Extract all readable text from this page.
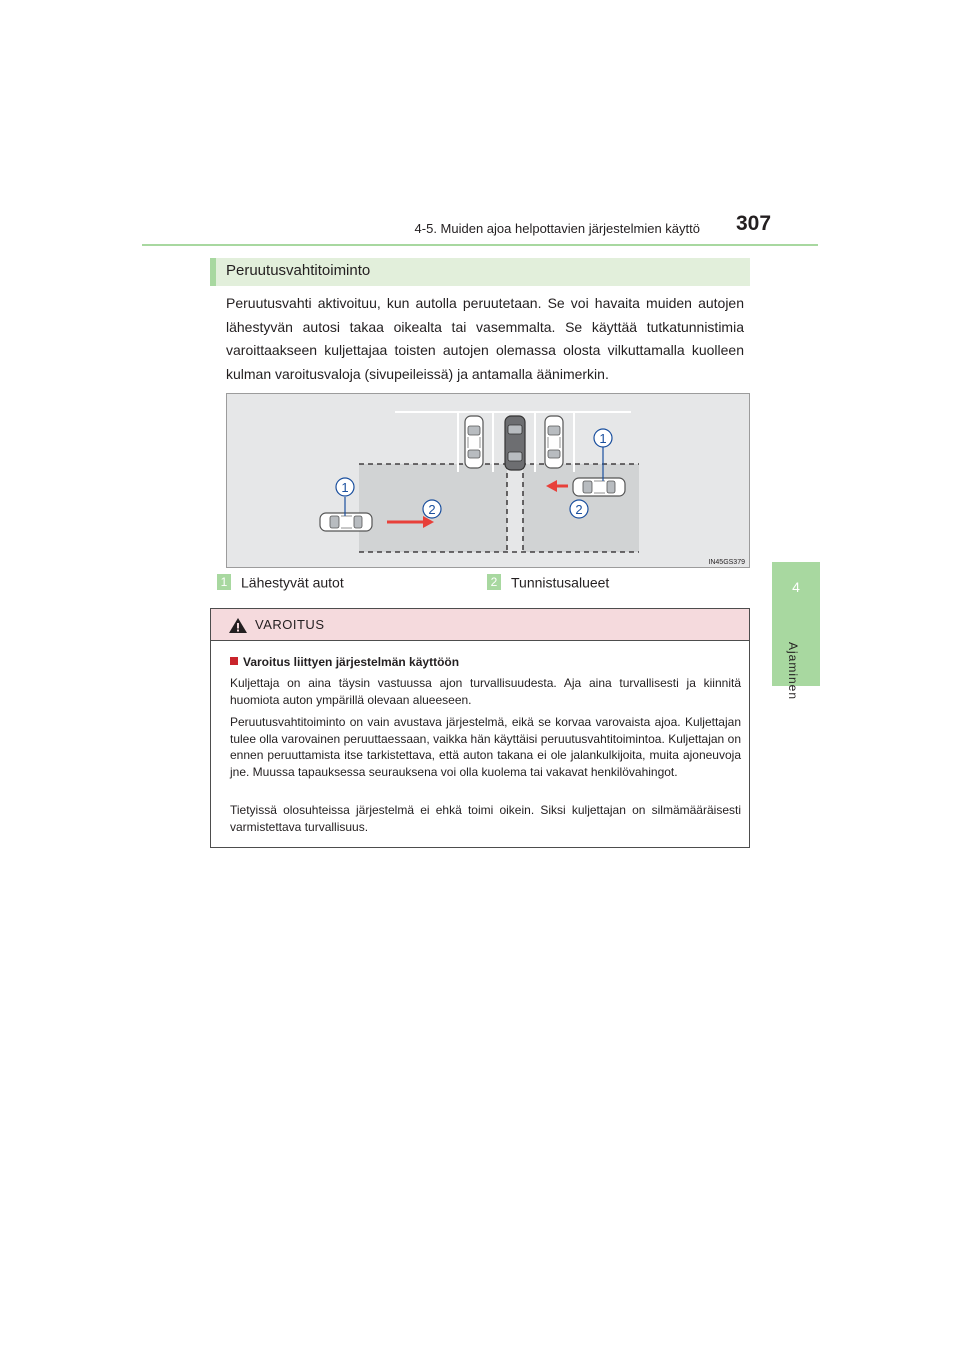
4-5. Muiden ajoa helpottavien järjestelmien käyttö 307
4
Ajaminen
Peruutusvahtitoiminto
Peruutusvahti aktivoituu, kun autolla peruutetaan. Se voi havaita muiden autojen lähestyvän autosi takaa oikealta tai vasemmalta. Se käyttää tutkatunnistimia varoittaakseen kuljettajaa toisten autojen olemassa olosta vilkuttamalla kuolleen kulman varoitusvaloja (sivupeileissä) ja antamalla äänimerkin.
1
2	2
1
IN45GS379
1 Lähestyvät autot	2 Tunnistusalueet
VAROITUS
Varoitus liittyen järjestelmän käyttöön
Kuljettaja on aina täysin vastuussa ajon turvallisuudesta. Aja aina turvallisesti ja kiinnitä huomiota auton ympärillä olevaan alueeseen.
Peruutusvahtitoiminto on vain avustava järjestelmä, eikä se korvaa varovaista ajoa. Kuljettajan tulee olla varovainen peruuttaessaan, vaikka hän käyttäisi peruutusvahtitoimintoa. Kuljettajan on ennen peruuttamista itse tarkistettava, että auton takana ei ole jalankulkijoita, muita ajoneuvoja jne. Muussa tapauksessa seurauksena voi olla kuolema tai vakavat henkilövahingot.
Tietyissä olosuhteissa järjestelmä ei ehkä toimi oikein. Siksi kuljettajan on silmämääräisesti varmistettava turvallisuus.
